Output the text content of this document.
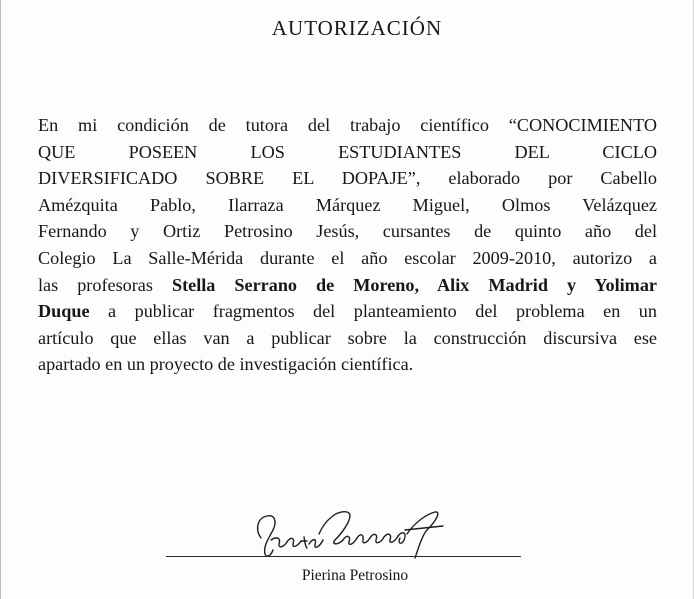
AUTORIZACIÓN
En mi condición de tutora del trabajo científico “CONOCIMIENTO
QUE POSEEN LOS ESTUDIANTES DEL CICLO
DIVERSIFICADO SOBRE EL DOPAJE”, elaborado por Cabello
Amézquita Pablo, Ilarraza Márquez Miguel, Olmos Velázquez
Fernando y Ortiz Petrosino Jesús, cursantes de quinto año del
Colegio La Salle-Mérida durante el año escolar 2009-2010, autorizo a
las profesoras Stella Serrano de Moreno, Alix Madrid y Yolimar
Duque a publicar fragmentos del planteamiento del problema en un
artículo que ellas van a publicar sobre la construcción discursiva ese
apartado en un proyecto de investigación científica.
Pierina Petrosino
